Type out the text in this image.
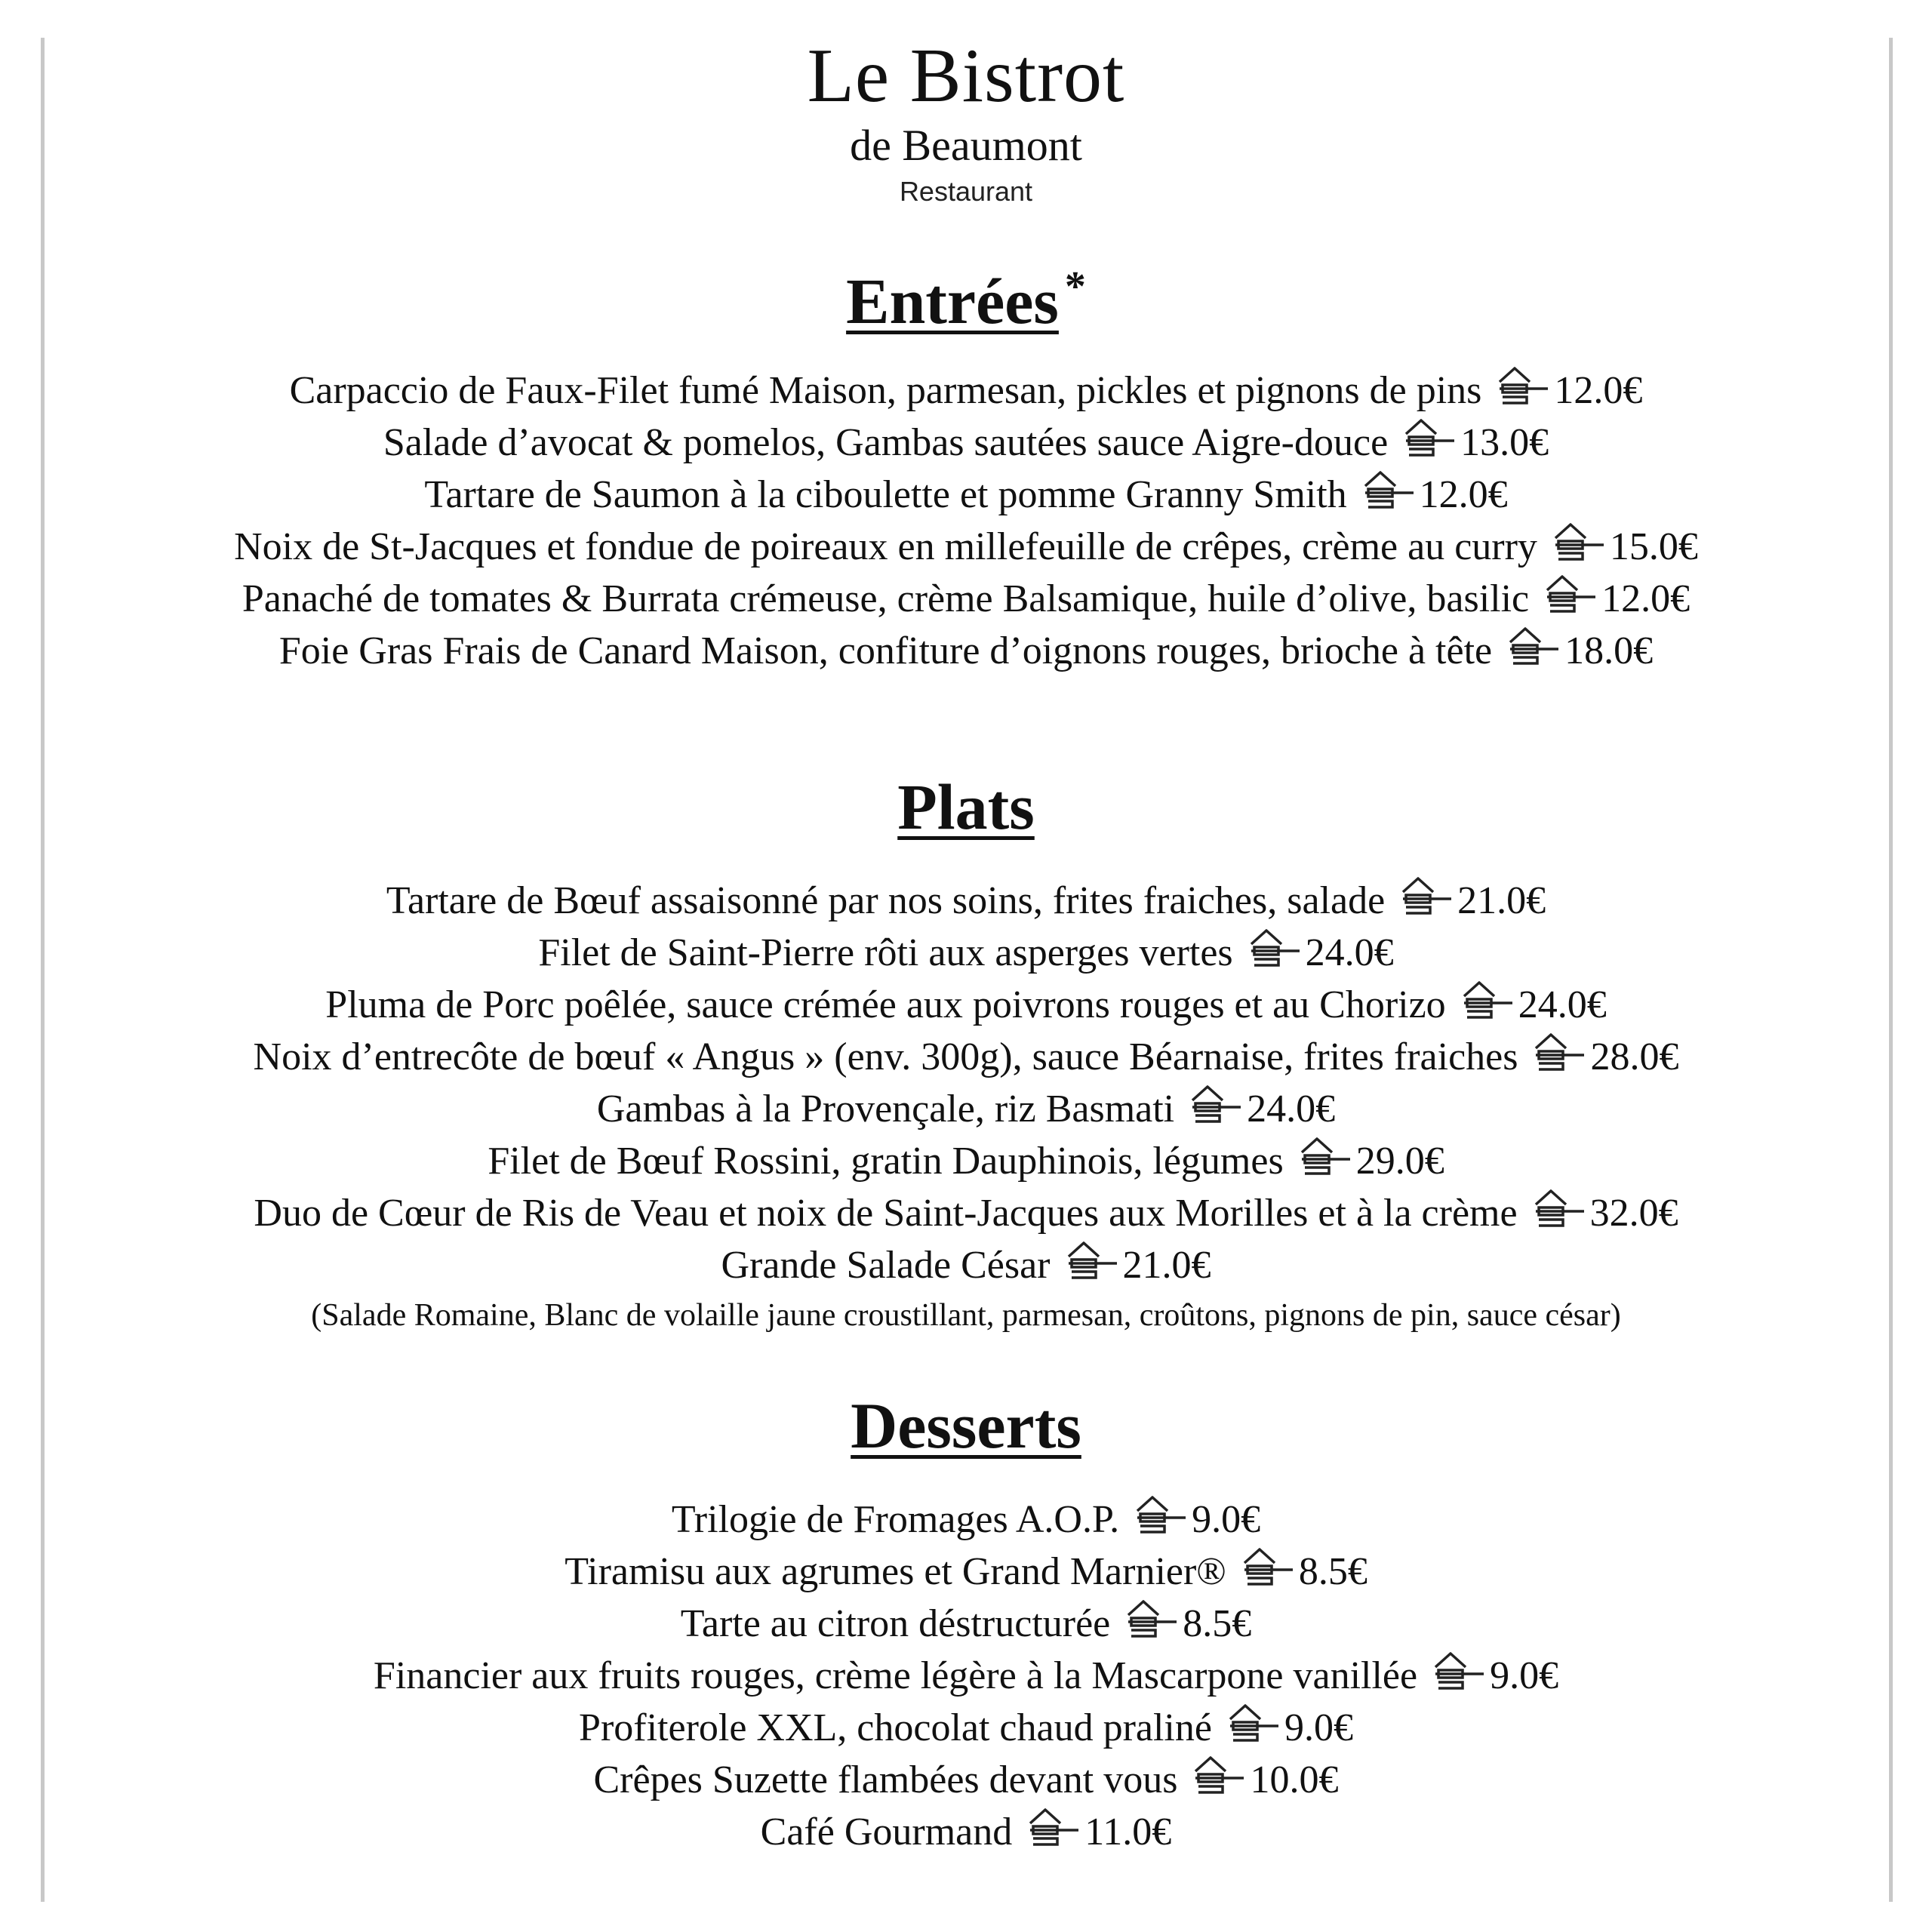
Le Bistrot
de Beaumont
Restaurant
Entrées *
Carpaccio de Faux-Filet fumé Maison, parmesan, pickles et pignons de pins 12.0€
Salade d’avocat & pomelos, Gambas sautées sauce Aigre-douce 13.0€
Tartare de Saumon à la ciboulette et pomme Granny Smith 12.0€
Noix de St-Jacques et fondue de poireaux en millefeuille de crêpes, crème au curry 15.0€
Panaché de tomates & Burrata crémeuse, crème Balsamique, huile d’olive, basilic 12.0€
Foie Gras Frais de Canard Maison, confiture d’oignons rouges, brioche à tête 18.0€
Plats
Tartare de Bœuf assaisonné par nos soins, frites fraiches, salade 21.0€
Filet de Saint-Pierre rôti aux asperges vertes 24.0€
Pluma de Porc poêlée, sauce crémée aux poivrons rouges et au Chorizo 24.0€
Noix d’entrecôte de bœuf « Angus » (env. 300g), sauce Béarnaise, frites fraiches 28.0€
Gambas à la Provençale, riz Basmati 24.0€
Filet de Bœuf Rossini, gratin Dauphinois, légumes 29.0€
Duo de Cœur de Ris de Veau et noix de Saint-Jacques aux Morilles et à la crème 32.0€
Grande Salade César 21.0€
(Salade Romaine, Blanc de volaille jaune croustillant, parmesan, croûtons, pignons de pin, sauce césar)
Desserts
Trilogie de Fromages A.O.P. 9.0€
Tiramisu aux agrumes et Grand Marnier® 8.5€
Tarte au citron déstructurée 8.5€
Financier aux fruits rouges, crème légère à la Mascarpone vanillée 9.0€
Profiterole XXL, chocolat chaud praliné 9.0€
Crêpes Suzette flambées devant vous 10.0€
Café Gourmand 11.0€
